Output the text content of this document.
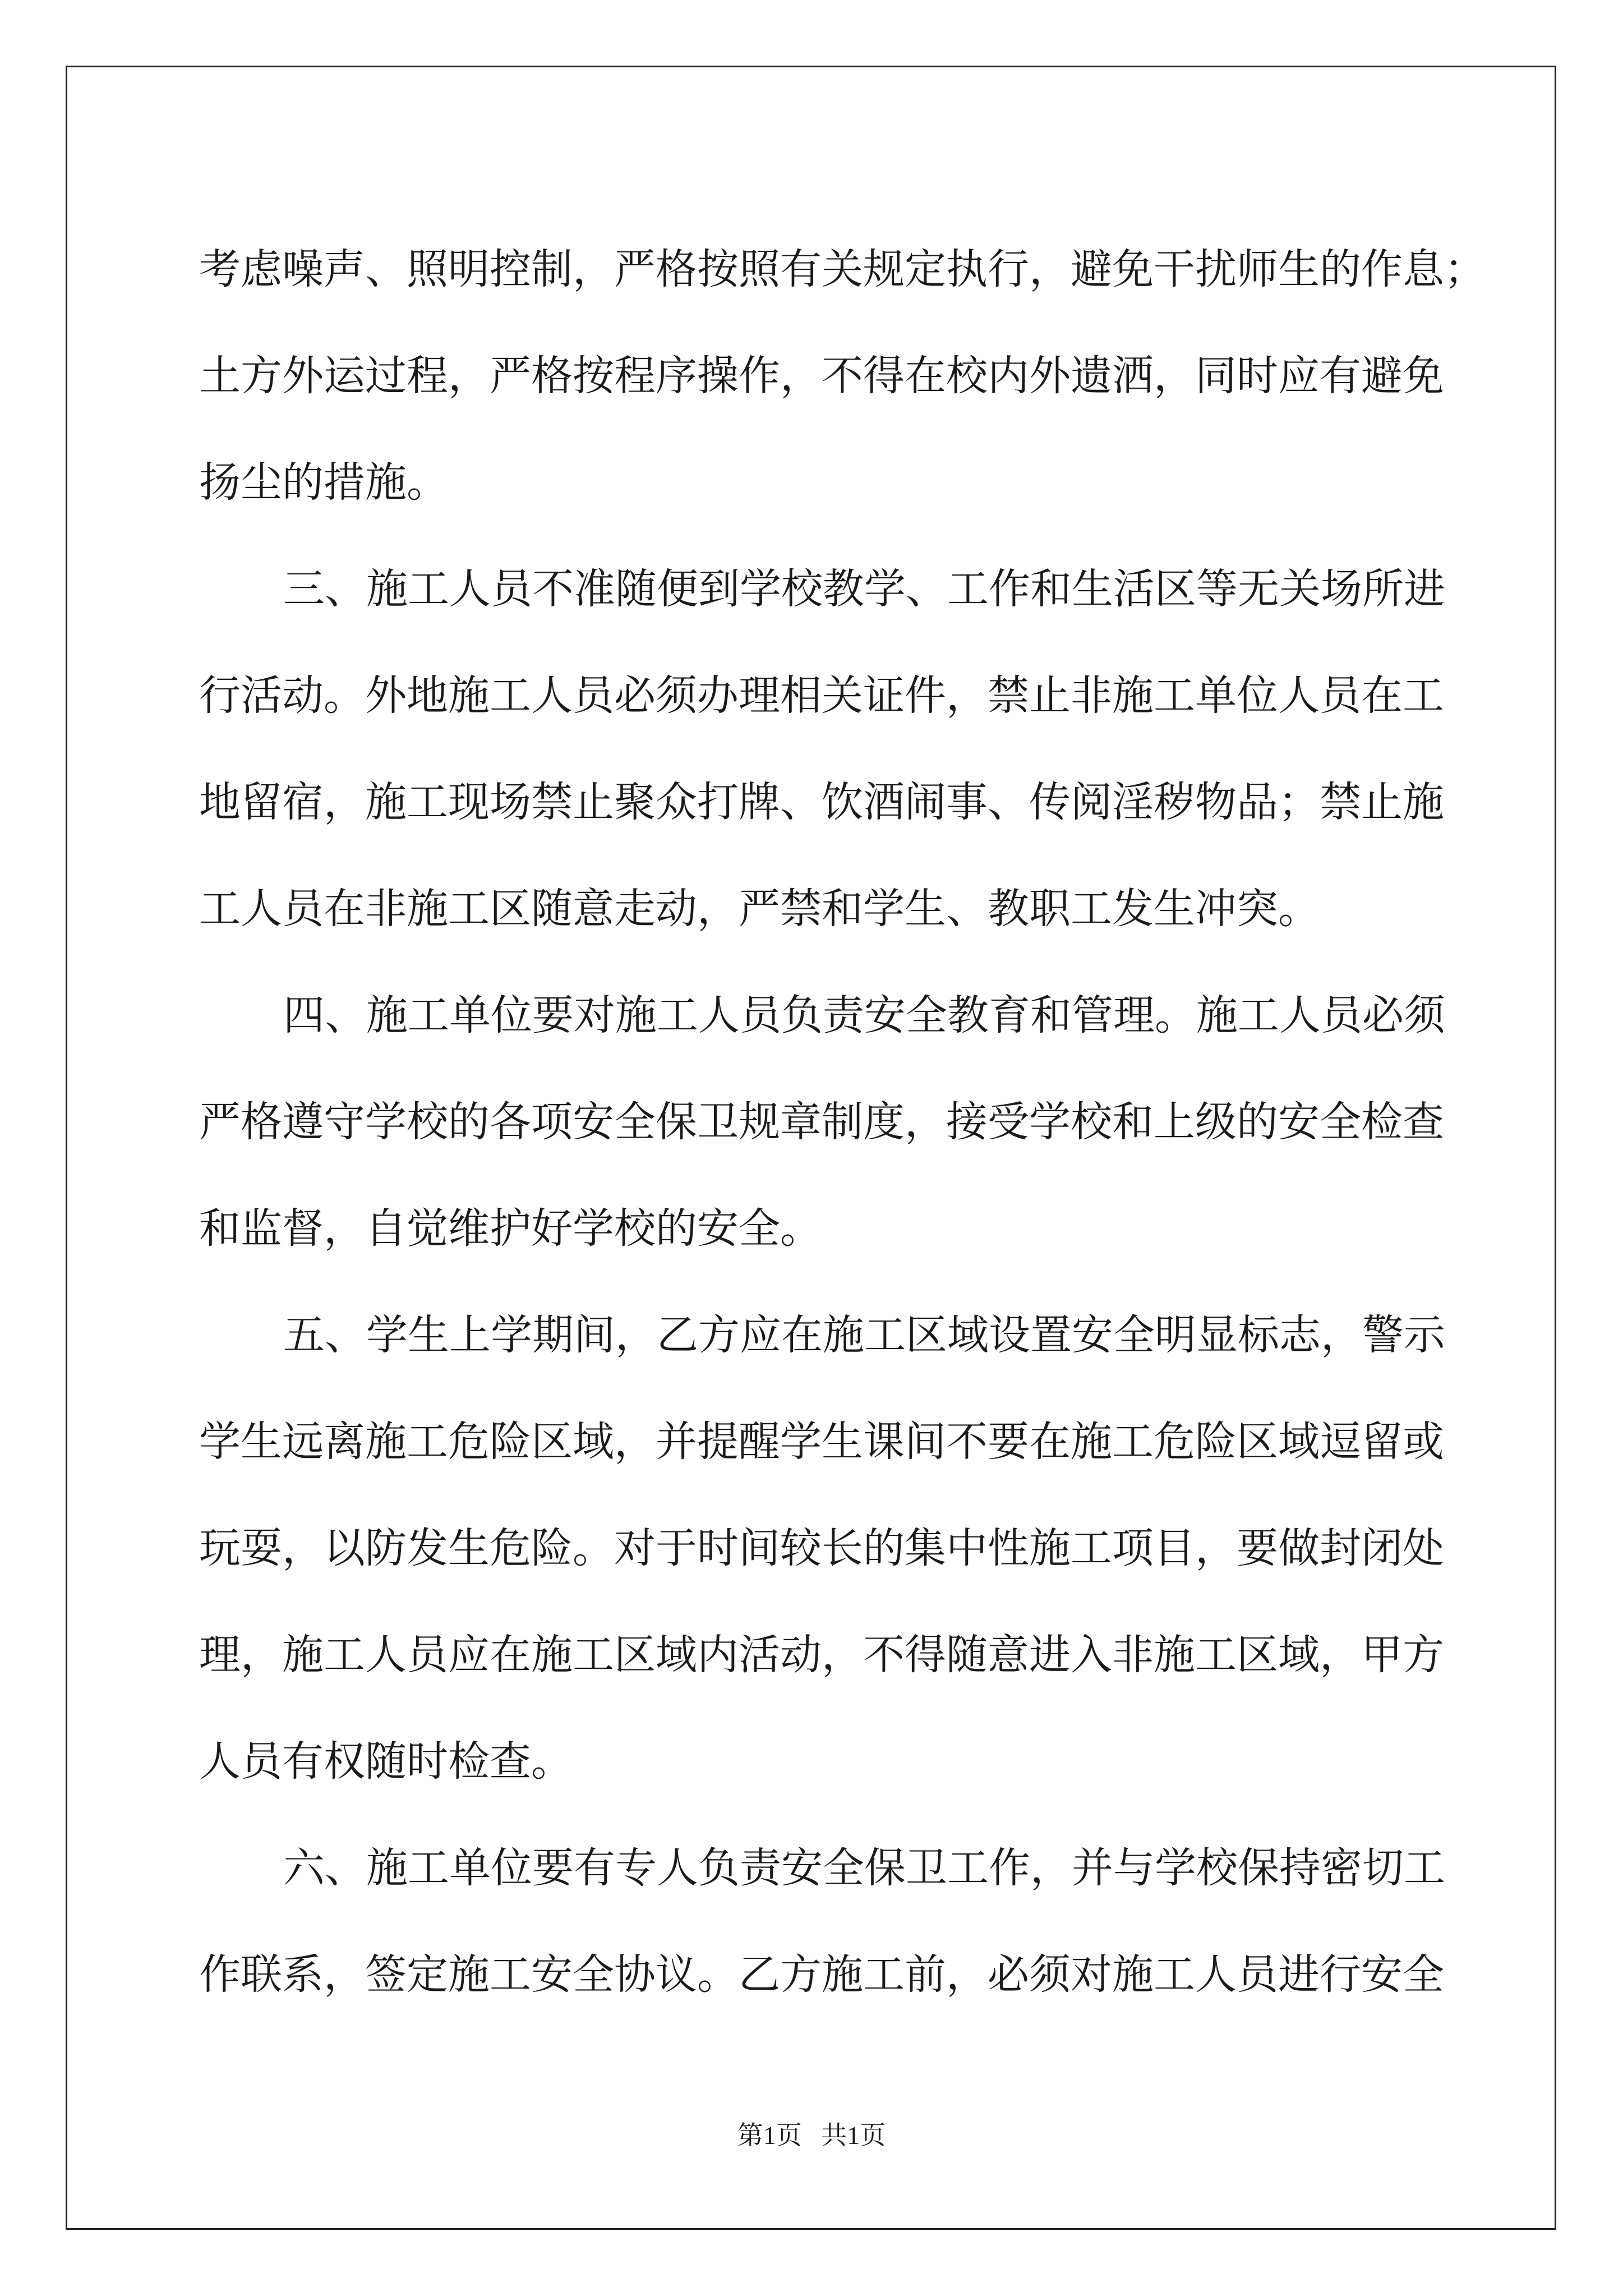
考虑噪声、照明控制，严格按照有关规定执行，避免干扰师生的作息；
土方外运过程，严格按程序操作，不得在校内外遗洒，同时应有避免
扬尘的措施。
三、施工人员不准随便到学校教学、工作和生活区等无关场所进
行活动。外地施工人员必须办理相关证件，禁止非施工单位人员在工
地留宿，施工现场禁止聚众打牌、饮酒闹事、传阅淫秽物品；禁止施
工人员在非施工区随意走动，严禁和学生、教职工发生冲突。
四、施工单位要对施工人员负责安全教育和管理。施工人员必须
严格遵守学校的各项安全保卫规章制度，接受学校和上级的安全检查
和监督，自觉维护好学校的安全。
五、学生上学期间，乙方应在施工区域设置安全明显标志，警示
学生远离施工危险区域，并提醒学生课间不要在施工危险区域逗留或
玩耍，以防发生危险。对于时间较长的集中性施工项目，要做封闭处
理，施工人员应在施工区域内活动，不得随意进入非施工区域，甲方
人员有权随时检查。
六、施工单位要有专人负责安全保卫工作，并与学校保持密切工
作联系，签定施工安全协议。乙方施工前，必须对施工人员进行安全
第1页   共1页
